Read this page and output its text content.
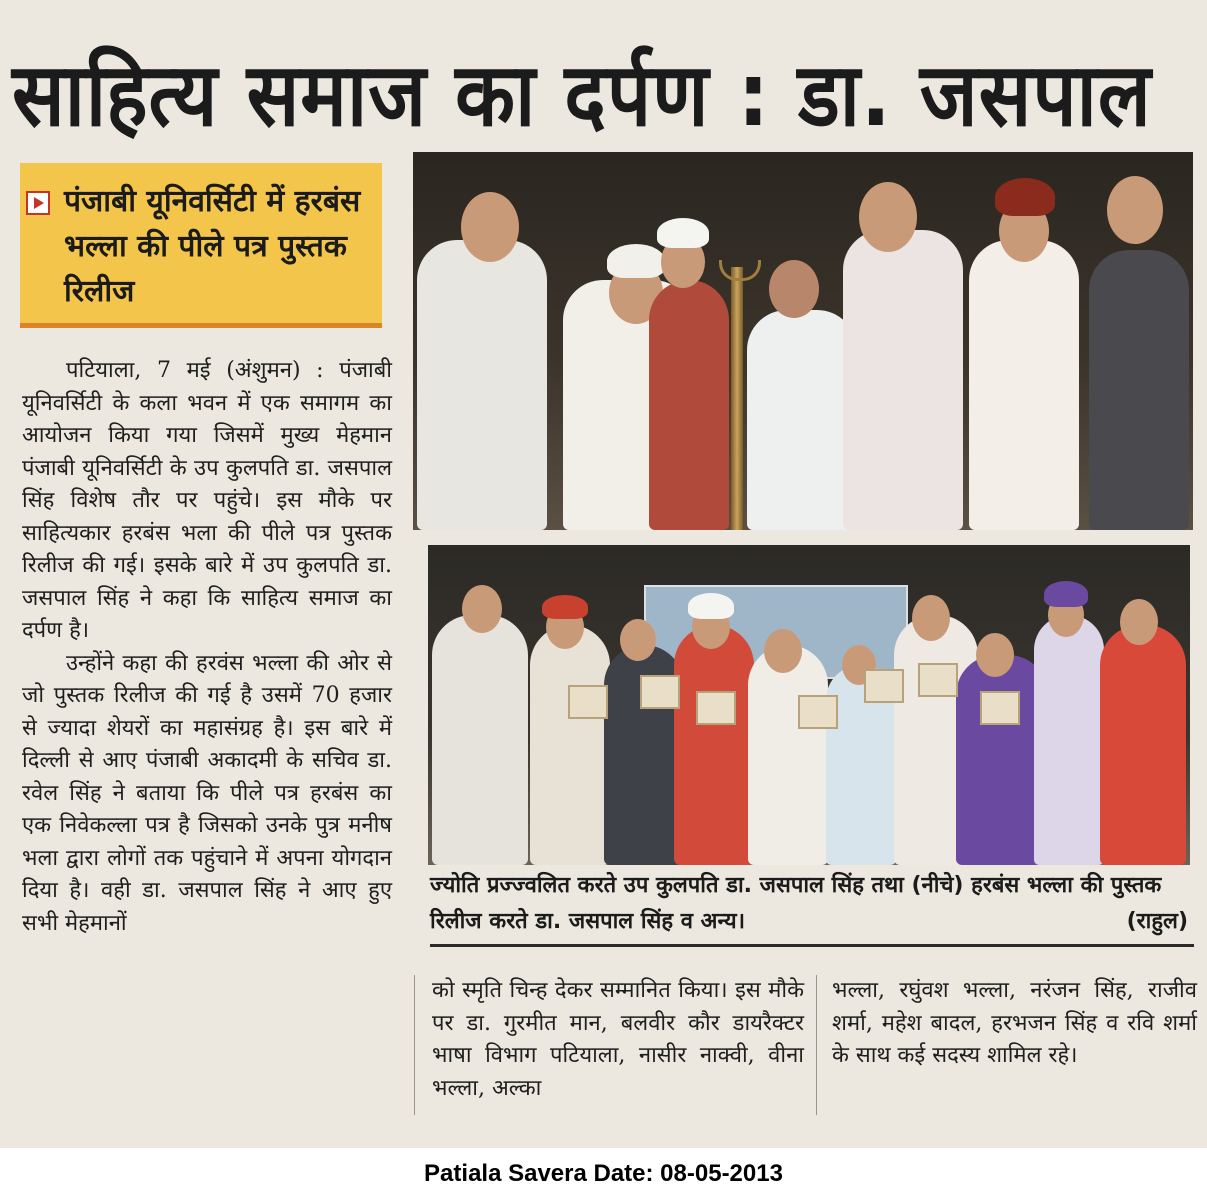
साहित्य समाज का दर्पण : डा. जसपाल
पंजाबी यूनिवर्सिटी में हरबंस भल्ला की पीले पत्र पुस्तक रिलीज

पटियाला, 7 मई (अंशुमन) : पंजाबी यूनिवर्सिटी के कला भवन में एक समागम का आयोजन किया गया जिसमें मुख्य मेहमान पंजाबी यूनिवर्सिटी के उप कुलपति डा. जसपाल सिंह विशेष तौर पर पहुंचे। इस मौके पर साहित्यकार हरबंस भला की पीले पत्र पुस्तक रिलीज की गई। इसके बारे में उप कुलपति डा. जसपाल सिंह ने कहा कि साहित्य समाज का दर्पण है।

उन्होंने कहा की हरवंस भल्ला की ओर से जो पुस्तक रिलीज की गई है उसमें 70 हजार से ज्यादा शेयरों का महासंग्रह है। इस बारे में दिल्ली से आए पंजाबी अकादमी के सचिव डा. रवेल सिंह ने बताया कि पीले पत्र हरबंस का एक निवेकल्ला पत्र है जिसको उनके पुत्र मनीष भला द्वारा लोगों तक पहुंचाने में अपना योगदान दिया है। वही डा. जसपाल सिंह ने आए हुए सभी मेहमानों

ज्योति प्रज्ज्वलित करते उप कुलपति डा. जसपाल सिंह तथा (नीचे) हरबंस भल्ला की पुस्तक रिलीज करते डा. जसपाल सिंह व अन्य।	(राहुल)

को स्मृति चिन्ह देकर सम्मानित किया। इस मौके पर डा. गुरमीत मान, बलवीर कौर डायरैक्टर भाषा विभाग पटियाला, नासीर नाक्वी, वीना भल्ला, अल्का

भल्ला, रघुंवश भल्ला, नरंजन सिंह, राजीव शर्मा, महेश बादल, हरभजन सिंह व रवि शर्मा के साथ कई सदस्य शामिल रहे।

Patiala Savera Date: 08-05-2013
